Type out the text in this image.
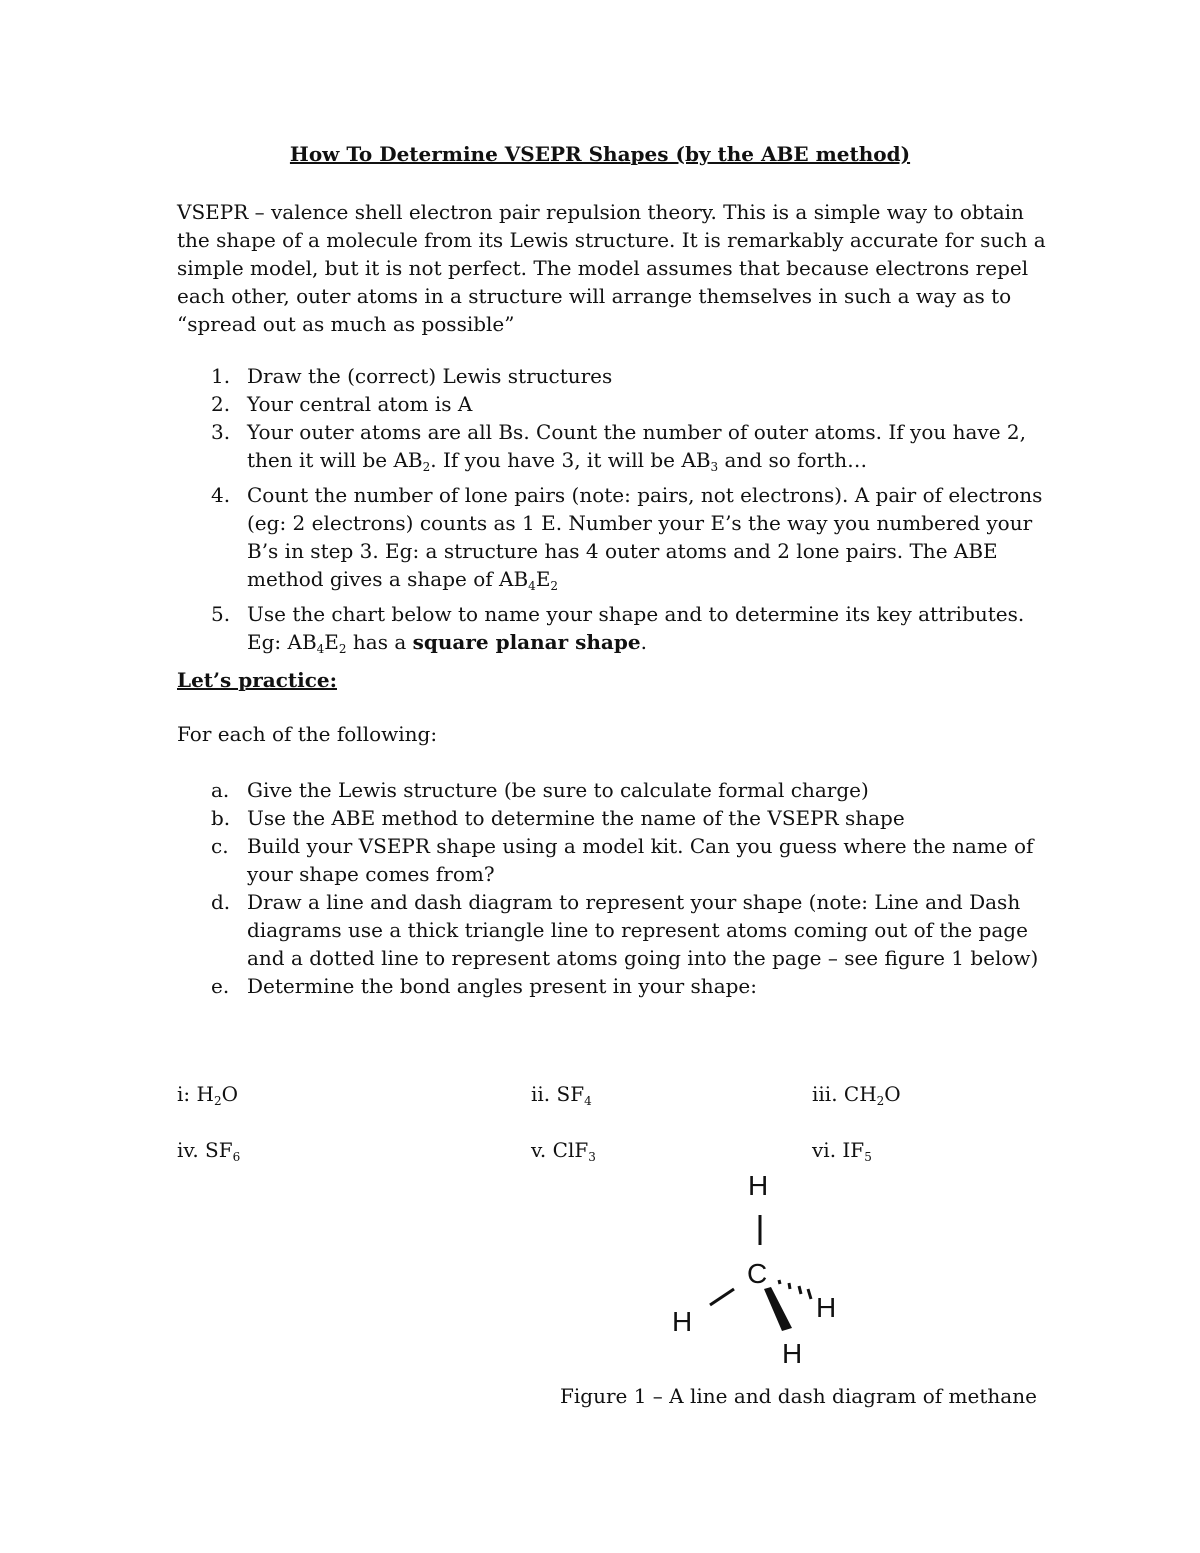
How To Determine VSEPR Shapes (by the ABE method)
VSEPR – valence shell electron pair repulsion theory. This is a simple way to obtain the shape of a molecule from its Lewis structure. It is remarkably accurate for such a simple model, but it is not perfect. The model assumes that because electrons repel each other, outer atoms in a structure will arrange themselves in such a way as to “spread out as much as possible”
1. Draw the (correct) Lewis structures
2. Your central atom is A
3. Your outer atoms are all Bs. Count the number of outer atoms. If you have 2, then it will be $AB_2$. If you have 3, it will be $AB_3$ and so forth…
4. Count the number of lone pairs (note: pairs, not electrons). A pair of electrons (eg: 2 electrons) counts as 1 E. Number your E’s the way you numbered your B’s in step 3. Eg: a structure has 4 outer atoms and 2 lone pairs. The ABE method gives a shape of $AB_4E_2$
5. Use the chart below to name your shape and to determine its key attributes. Eg: $AB_4E_2$ has a square planar shape.
Let’s practice:
For each of the following:
a. Give the Lewis structure (be sure to calculate formal charge)
b. Use the ABE method to determine the name of the VSEPR shape
c. Build your VSEPR shape using a model kit. Can you guess where the name of your shape comes from?
d. Draw a line and dash diagram to represent your shape (note: Line and Dash diagrams use a thick triangle line to represent atoms coming out of the page and a dotted line to represent atoms going into the page – see figure 1 below)
e. Determine the bond angles present in your shape:
i: $H_2O$	ii. $SF_4$	iii. $CH_2O$
iv. $SF_6$	v. ClF$_3$	vi. $IF_5$
H
C
H	H
H
Figure 1 – A line and dash diagram of methane
